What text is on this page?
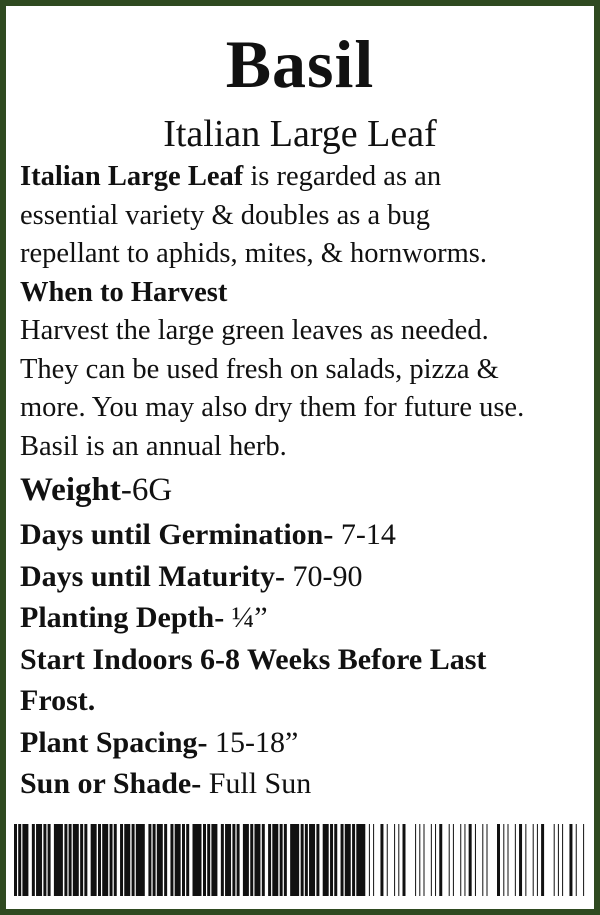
Basil
Italian Large Leaf

Italian Large Leaf is regarded as an

essential variety & doubles as a bug

repellant to aphids, mites, & hornworms.

When to Harvest

Harvest the large green leaves as needed.

They can be used fresh on salads, pizza &

more. You may also dry them for future use.

Basil is an annual herb.

Weight-6G

Days until Germination- 7-14

Days until Maturity- 70-90

Planting Depth- ¼”

Start Indoors 6-8 Weeks Before Last

Frost.

Plant Spacing- 15-18”

Sun or Shade- Full Sun
